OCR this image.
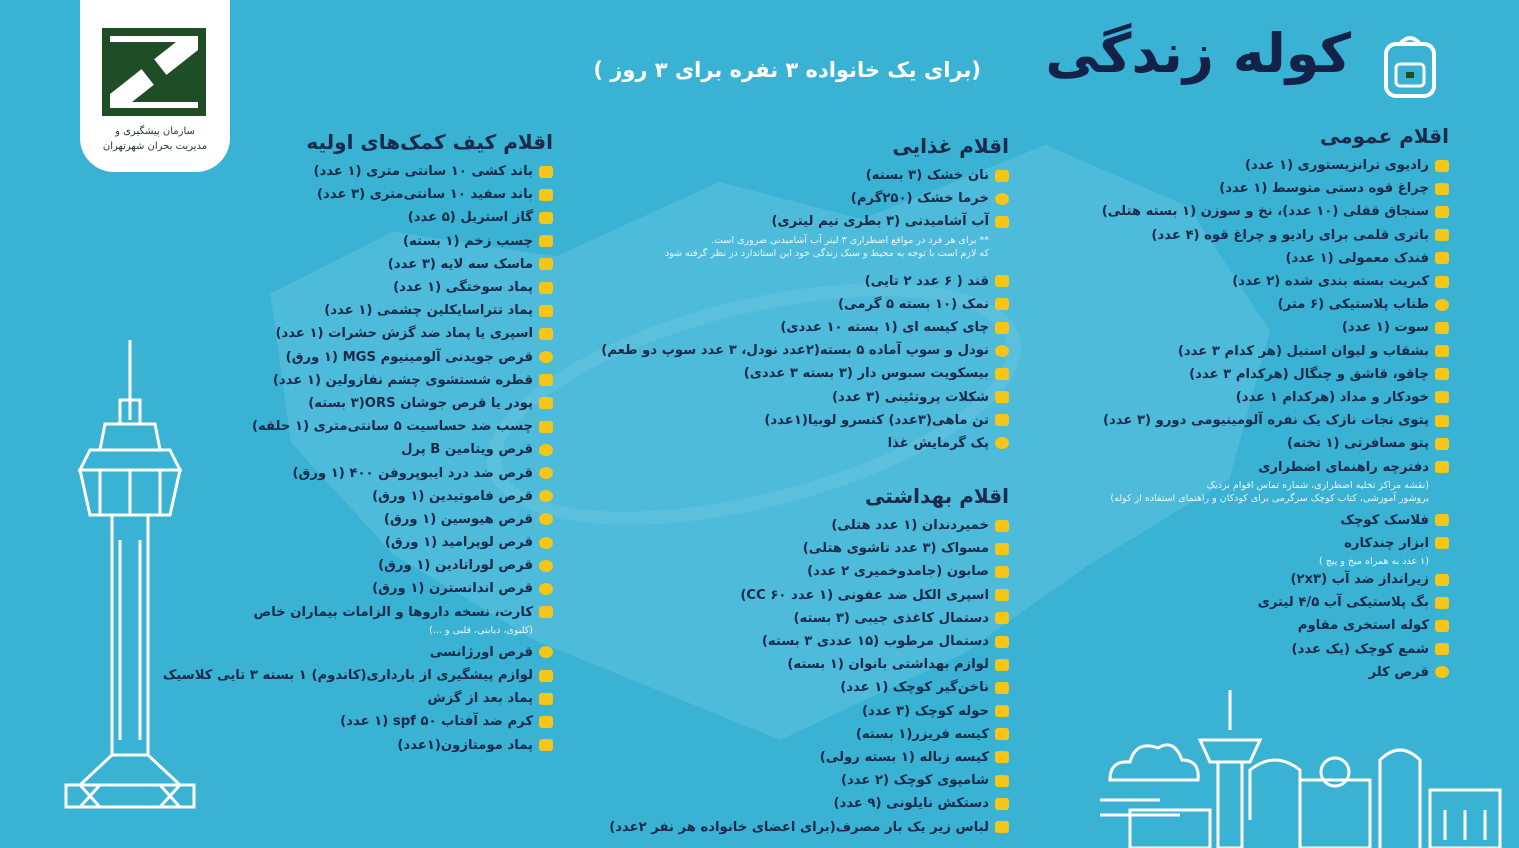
سازمان پیشگیری و
مدیریت بحران شهرتهران
کوله زندگی
(برای یک خانواده ۳ نفره برای ۳ روز )
اقلام عمومی
رادیوی ترانزیستوری (۱ عدد)
چراغ قوه دستی متوسط (۱ عدد)
سنجاق قفلی (۱۰ عدد)، نخ و سوزن (۱ بسته هتلی)
باتری قلمی برای رادیو و چراغ قوه (۴ عدد)
فندک معمولی (۱ عدد)
کبریت بسته بندی شده (۲ عدد)
طناب پلاستیکی (۶ متر)
سوت (۱ عدد)
بشقاب و لیوان استیل (هر کدام ۳ عدد)
چاقو، قاشق و چنگال (هرکدام ۳ عدد)
خودکار و مداد (هرکدام ۱ عدد)
پتوی نجات نازک یک نفره آلومینیومی دورو (۳ عدد)
پتو مسافرتی (۱ تخته)
دفترچه راهنمای اضطراری
(نقشه مراکز تخلیه اضطراری، شماره تماس اقوام نزدیک
بروشور آموزشی، کتاب کوچک سرگرمی برای کودکان و راهنمای استفاده از کوله)
فلاسک کوچک
ابزار چندکاره
(۱ عدد به همراه میخ و پیچ )
زیرانداز ضد آب (۲x۳)
بگ پلاستیکی آب ۴/۵ لیتری
کوله استخری مقاوم
شمع کوچک (یک عدد)
قرص کلر
اقلام غذایی
نان خشک (۳ بسته)
خرما خشک (۲۵۰گرم)
آب آشامیدنی (۳ بطری نیم لیتری)
** برای هر فرد در مواقع اضطراری ۳ لیتر آب آشامیدنی ضروری است.
که لازم است با توجه به محیط و سبک زندگی خود این استاندارد در نظر گرفته شود
قند ( ۶ عدد ۲ تایی)
نمک (۱۰ بسته ۵ گرمی)
چای کیسه ای (۱ بسته ۱۰ عددی)
نودل و سوپ آماده ۵ بسته(۲عدد نودل، ۳ عدد سوپ دو طعم)
بیسکویت سبوس دار (۳ بسته ۳ عددی)
شکلات پروتئینی (۳ عدد)
تن ماهی(۳عدد) کنسرو لوبیا(۱عدد)
پک گرمایش غذا
اقلام بهداشتی
خمیردندان (۱ عدد هتلی)
مسواک (۳ عدد تاشوی هتلی)
صابون (جامدوخمیری ۲ عدد)
اسپری الکل ضد عفونی (۱ عدد ۶۰ CC)
دستمال کاغذی جیبی (۳ بسته)
دستمال مرطوب (۱۵ عددی ۳ بسته)
لوازم بهداشتی بانوان (۱ بسته)
ناخن‌گیر کوچک (۱ عدد)
حوله کوچک (۳ عدد)
کیسه فریزر(۱ بسته)
کیسه زباله (۱ بسته رولی)
شامپوی کوچک (۲ عدد)
دستکش نایلونی (۹ عدد)
لباس زیر یک بار مصرف(برای اعضای خانواده هر نفر ۲عدد)
اقلام کیف کمک‌های اولیه
باند کشی ۱۰ سانتی متری (۱ عدد)
باند سفید ۱۰ سانتی‌متری (۳ عدد)
گاز استریل (۵ عدد)
چسب زخم (۱ بسته)
ماسک سه لایه (۳ عدد)
پماد سوختگی (۱ عدد)
پماد تتراسایکلین چشمی (۱ عدد)
اسپری یا پماد ضد گزش حشرات (۱ عدد)
قرص جویدنی آلومینیوم MGS (۱ ورق)
قطره شستشوی چشم نفازولین (۱ عدد)
پودر یا قرص جوشان ORS(۳ بسته)
چسب ضد حساسیت ۵ سانتی‌متری (۱ حلقه)
قرص ویتامین B پرل
قرص ضد درد ایبوپروفن ۴۰۰ (۱ ورق)
قرص فاموتیدین (۱ ورق)
قرص هیوسین (۱ ورق)
قرص لوپرامید (۱ ورق)
قرص لوراتادین (۱ ورق)
قرص اندانسترن (۱ ورق)
کارت، نسخه داروها و الزامات بیماران خاص
(کلیوی، دیابتی، قلبی و ...)
قرص اورژانسی
لوازم پیشگیری از بارداری(کاندوم) ۱ بسته ۳ تایی کلاسیک
پماد بعد از گزش
کرم ضد آفتاب spf ۵۰ (۱ عدد)
پماد مومتازون(۱عدد)
